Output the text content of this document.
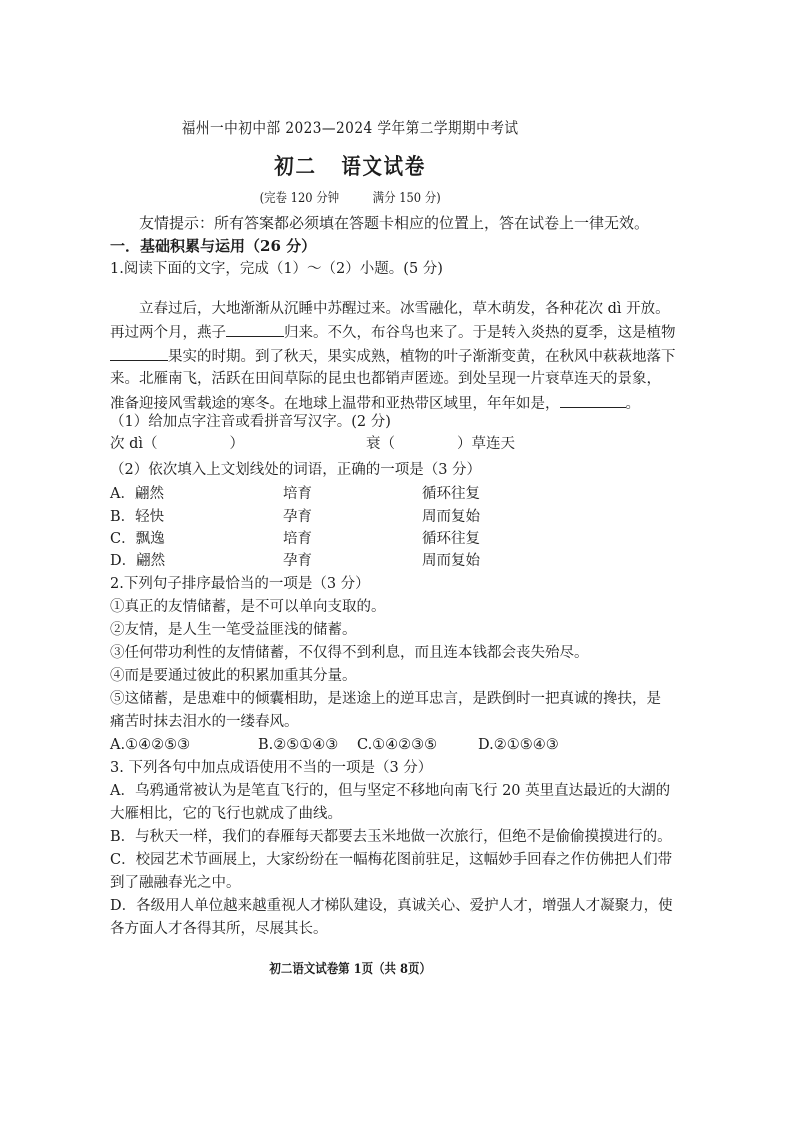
福州一中初中部 2023—2024 学年第二学期期中考试
初二 语文试卷
(完卷 120 分钟	满分 150 分)
友情提示：所有答案都必须填在答题卡相应的位置上，答在试卷上一律无效。
一．基础积累与运用（26 分）
1.阅读下面的文字，完成（1）～（2）小题。(5 分)
立春过后，大地渐渐从沉睡中苏醒过来。冰雪融化，草木萌发，各种花次 dì 开放。
再过两个月，燕子	归来。不久，布谷鸟也来了。于是转入炎热的夏季，这是植物
果实的时期。到了秋天，果实成熟，植物的叶子渐渐变黄，在秋风中萩萩地落下
来。北雁南飞，活跃在田间草际的昆虫也都销声匿迹。到处呈现一片衰草连天的景象，
准备迎接风雪载途的寒冬。在地球上温带和亚热带区域里，年年如是，	。
（1）给加点字注音或看拼音写汉字。(2 分)
次 dì（	）	衰（	）草连天
（2）依次填入上文划线处的词语，正确的一项是（3 分）
A．翩然	培育	循环往复
B．轻快	孕育	周而复始
C．飘逸	培育	循环往复
D．翩然	孕育	周而复始
2.下列句子排序最恰当的一项是（3 分）
①真正的友情储蓄，是不可以单向支取的。
②友情，是人生一笔受益匪浅的储蓄。
③任何带功利性的友情储蓄，不仅得不到利息，而且连本钱都会丧失殆尽。
④而是要通过彼此的积累加重其分量。
⑤这储蓄，是患难中的倾囊相助，是迷途上的逆耳忠言，是跌倒时一把真诚的搀扶，是
痛苦时抹去泪水的一缕春风。
A.①④②⑤③	B.②⑤①④③ C.①④②③⑤	D.②①⑤④③
3. 下列各句中加点成语使用不当的一项是（3 分）
A．乌鸦通常被认为是笔直飞行的，但与坚定不移地向南飞行 20 英里直达最近的大湖的
大雁相比，它的飞行也就成了曲线。
B．与秋天一样，我们的春雁每天都要去玉米地做一次旅行，但绝不是偷偷摸摸进行的。
C．校园艺术节画展上，大家纷纷在一幅梅花图前驻足，这幅妙手回春之作仿佛把人们带
到了融融春光之中。
D．各级用人单位越来越重视人才梯队建设，真诚关心、爱护人才，增强人才凝聚力，使
各方面人才各得其所，尽展其长。
初二语文试卷第 1页（共 8页）
